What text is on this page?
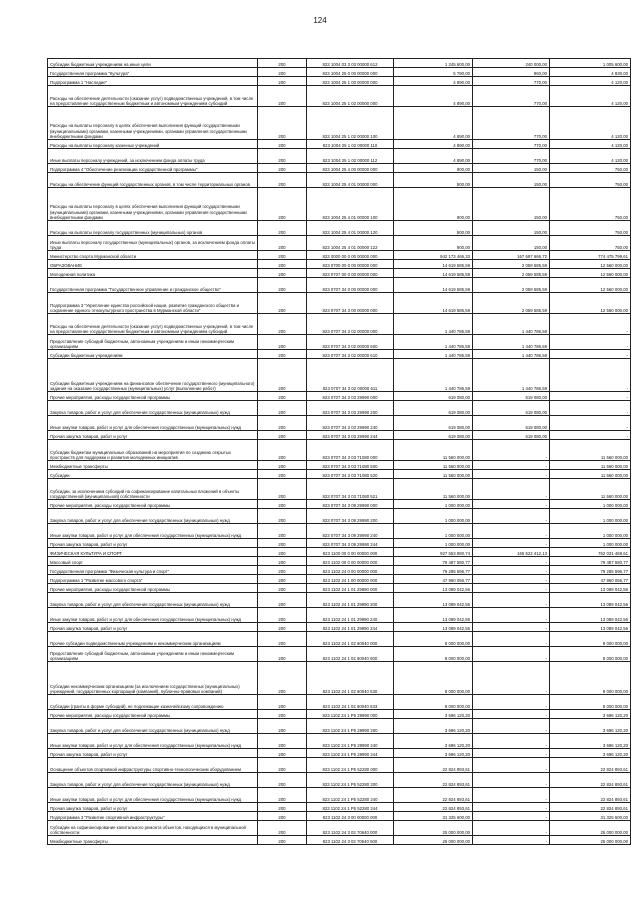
124
Субсидии бюджетным учреждениям на иные цели	200	823 1004 03 3 03 00000 612	1 245 600,00	240 000,00	1 005 600,00
Государственная программа "Культура"	200	823 1004 25 0 00 00000 000	5 790,00	960,00	4 830,00
Подпрограмма 1 "Наследие"	200	823 1004 25 1 00 00000 000	4 890,00	770,00	4 120,00
Расходы на обеспечение деятельности (оказание услуг) подведомственных учреждений, в том числе на предоставление государственным бюджетным и автономным учреждениям субсидий	200	823 1004 25 1 02 00000 000	4 890,00	770,00	4 120,00
Расходы на выплаты персоналу в целях обеспечения выполнения функций государственными (муниципальными) органами, казенными учреждениями, органами управления государственными внебюджетными фондами	200	823 1004 25 1 02 00000 100	4 890,00	770,00	4 120,00
Расходы на выплаты персоналу казенных учреждений	200	823 1004 25 1 02 00000 110	4 890,00	770,00	4 120,00
Иные выплаты персоналу учреждений, за исключением фонда оплаты труда	200	823 1004 25 1 02 00000 112	4 890,00	770,00	4 120,00
Подпрограмма 4 "Обеспечение реализации государственной программы"	200	823 1004 25 4 00 00000 000	900,00	150,00	750,00
Расходы на обеспечение функций государственных органов, в том числе территориальных органов	200	823 1004 25 4 01 00000 000	900,00	150,00	750,00
Расходы на выплаты персоналу в целях обеспечения выполнения функций государственными (муниципальными) органами, казенными учреждениями, органами управления государственными внебюджетными фондами	200	823 1004 25 4 01 00000 100	900,00	150,00	750,00
Расходы на выплаты персоналу государственных (муниципальных) органов	200	823 1004 25 4 01 00000 120	900,00	150,00	750,00
Иные выплаты персоналу государственных (муниципальных) органов, за исключением фонда оплаты труда	200	823 1004 25 4 01 00000 122	900,00	150,00	750,00
Министерство спорта Мурманской области	200	823 0000 00 0 00 00000 000	942 173 466,33	167 697 666,72	774 475 799,61
ОБРАЗОВАНИЕ	200	823 0700 00 0 00 00000 000	14 619 585,59	2 059 585,59	12 560 000,00
Молодежная политика	200	823 0707 00 0 00 00000 000	14 619 585,59	2 059 585,59	12 560 000,00
Государственная программа "Государственное управление и гражданское общество"	200	823 0707 34 0 00 00000 000	14 619 585,59	2 059 585,59	12 560 000,00
Подпрограмма 3 "Укрепление единства российской нации, развитие гражданского общества и сохранение единого этнокультурного пространства в Мурманской области"	200	823 0707 34 3 00 00000 000	14 619 585,59	2 059 585,59	12 560 000,00
Расходы на обеспечение деятельности (оказание услуг) подведомственных учреждений, в том числе на предоставление государственным бюджетным и автономным учреждениям субсидий	200	823 0707 34 3 02 00000 000	1 440 786,59	1 440 786,59	-
Предоставление субсидий бюджетным, автономным учреждениям и иным некоммерческим организациям	200	823 0707 34 3 02 00000 600	1 440 786,59	1 440 786,59	-
Субсидии бюджетным учреждениям	200	823 0707 34 3 02 00000 610	1 440 786,59	1 440 786,59	-
Субсидии бюджетным учреждениям на финансовое обеспечение государственного (муниципального) задания на оказание государственных (муниципальных) услуг (выполнение работ)	200	823 0707 34 3 02 00000 611	1 440 786,59	1 440 786,59	-
Прочие мероприятия, расходы государственной программы	200	823 0707 34 3 03 29990 000	619 080,00	619 080,00	-
Закупка товаров, работ и услуг для обеспечения государственных (муниципальных) нужд	200	823 0707 34 3 03 29990 200	619 080,00	619 080,00	-
Иные закупки товаров, работ и услуг для обеспечения государственных (муниципальных) нужд	200	823 0707 34 3 03 29990 240	619 080,00	619 080,00	-
Прочая закупка товаров, работ и услуг	200	823 0707 34 3 03 29990 244	619 080,00	619 080,00	-
Субсидии бюджетам муниципальных образований на мероприятия по созданию открытых пространств для поддержки и развития молодежных инициатив	200	823 0707 34 3 03 71080 000	11 560 000,00	-	11 560 000,00
Межбюджетные трансферты	200	823 0707 34 3 03 71080 500	11 560 000,00	-	11 560 000,00
Субсидии	200	823 0707 34 3 03 71080 520	11 560 000,00	-	11 560 000,00
Субсидии, за исключением субсидий на софинансирование капитальных вложений в объекты государственной (муниципальной) собственности	200	823 0707 34 3 03 71080 521	11 560 000,00	-	11 560 000,00
Прочие мероприятия, расходы государственной программы	200	823 0707 34 3 09 29990 000	1 000 000,00	-	1 000 000,00
Закупка товаров, работ и услуг для обеспечения государственных (муниципальных) нужд	200	823 0707 34 3 09 29990 200	1 000 000,00	-	1 000 000,00
Иные закупки товаров, работ и услуг для обеспечения государственных (муниципальных) нужд	200	823 0707 34 3 09 29990 240	1 000 000,00	-	1 000 000,00
Прочая закупка товаров, работ и услуг	200	823 0707 34 3 09 29990 244	1 000 000,00	-	1 000 000,00
ФИЗИЧЕСКАЯ КУЛЬТУРА И СПОРТ	200	823 1100 00 0 00 00000 000	927 553 880,74	165 522 412,13	762 031 468,61
Массовый спорт	200	823 1102 00 0 00 00000 000	79 487 580,77	-	79 487 580,77
Государственная программа "Физическая культура и спорт"	200	823 1102 24 0 00 00000 000	79 285 596,77	-	79 285 596,77
Подпрограмма 1 "Развитие массового спорта"	200	823 1102 24 1 00 00000 000	47 960 056,77	-	47 960 056,77
Прочие мероприятия, расходы государственной программы	200	823 1102 24 1 01 29990 000	13 089 042,56	-	13 089 042,56
Закупка товаров, работ и услуг для обеспечения государственных (муниципальных) нужд	200	823 1102 24 1 01 29990 200	13 089 042,56	-	13 089 042,56
Иные закупки товаров, работ и услуг для обеспечения государственных (муниципальных) нужд	200	823 1102 24 1 01 29990 240	13 089 042,56	-	13 089 042,56
Прочая закупка товаров, работ и услуг	200	823 1102 24 1 01 29990 244	13 089 042,56	-	13 089 042,56
Прочие субсидии подведомственным учреждениям и некоммерческим организациям	200	823 1102 24 1 02 60040 000	8 000 000,00	-	8 000 000,00
Предоставление субсидий бюджетным, автономным учреждениям и иным некоммерческим организациям	200	823 1102 24 1 02 60040 600	8 000 000,00	-	8 000 000,00
Субсидии некоммерческим организациям (за исключением государственных (муниципальных) учреждений, государственных корпораций (компаний), публично-правовых компаний)	200	823 1102 24 1 02 60040 630	8 000 000,00	-	8 000 000,00
Субсидии (гранты в форме субсидий), не подлежащие казначейскому сопровождению	200	823 1102 24 1 02 60040 633	8 000 000,00	-	8 000 000,00
Прочие мероприятия, расходы государственной программы	200	823 1102 24 1 P5 29990 000	3 696 120,20	-	3 696 120,20
Закупка товаров, работ и услуг для обеспечения государственных (муниципальных) нужд	200	823 1102 24 1 P5 29990 200	3 696 120,20	-	3 696 120,20
Иные закупки товаров, работ и услуг для обеспечения государственных (муниципальных) нужд	200	823 1102 24 1 P5 29990 240	3 696 120,20	-	3 696 120,20
Прочая закупка товаров, работ и услуг	200	823 1102 24 1 P5 29990 244	3 696 120,20	-	3 696 120,20
Оснащение объектов спортивной инфраструктуры спортивно-технологическим оборудованием	200	823 1102 24 1 P5 52280 000	22 824 893,61	-	22 824 893,61
Закупка товаров, работ и услуг для обеспечения государственных (муниципальных) нужд	200	823 1102 24 1 P5 52280 200	22 824 893,61	-	22 824 893,61
Иные закупки товаров, работ и услуг для обеспечения государственных (муниципальных) нужд	200	823 1102 24 1 P5 52280 240	22 824 893,61	-	22 824 893,61
Прочая закупка товаров, работ и услуг	200	823 1102 24 1 P5 52280 244	22 824 893,61	-	22 824 893,61
Подпрограмма 3 "Развитие спортивной инфраструктуры"	200	823 1102 24 3 00 00000 000	31 325 600,00	-	31 325 600,00
Субсидии на софинансирование капитального ремонта объектов, находящихся в муниципальной собственности	200	823 1102 24 3 02 70640 000	25 000 000,00	-	25 000 000,00
Межбюджетные трансферты	200	823 1102 24 3 02 70640 500	25 000 000,00	-	25 000 000,00
